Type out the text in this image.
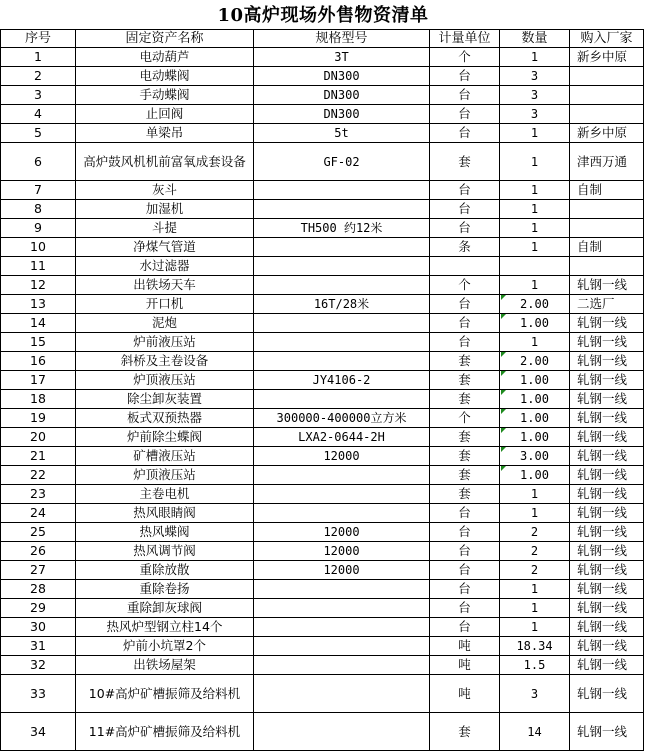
10高炉现场外售物资清单
序号	固定资产名称	规格型号	计量单位	数量	购入厂家
1	电动葫芦	3T	个	1	新乡中原
2	电动蝶阀	DN300	台	3	
3	手动蝶阀	DN300	台	3	
4	止回阀	DN300	台	3	
5	单梁吊	5t	台	1	新乡中原
6	高炉鼓风机机前富氧成套设备	GF-02	套	1	津西万通
7	灰斗		台	1	自制
8	加湿机		台	1	
9	斗提	TH500 约12米	台	1	
10	净煤气管道		条	1	自制
11	水过滤器				
12	出铁场天车		个	1	轧钢一线
13	开口机	16T/28米	台	2.00	二选厂
14	泥炮		台	1.00	轧钢一线
15	炉前液压站		台	1	轧钢一线
16	斜桥及主卷设备		套	2.00	轧钢一线
17	炉顶液压站	JY4106-2	套	1.00	轧钢一线
18	除尘卸灰装置		套	1.00	轧钢一线
19	板式双预热器	300000-400000立方米	个	1.00	轧钢一线
20	炉前除尘蝶阀	LXA2-0644-2H	套	1.00	轧钢一线
21	矿槽液压站	12000	套	3.00	轧钢一线
22	炉顶液压站		套	1.00	轧钢一线
23	主卷电机		套	1	轧钢一线
24	热风眼睛阀		台	1	轧钢一线
25	热风蝶阀	12000	台	2	轧钢一线
26	热风调节阀	12000	台	2	轧钢一线
27	重除放散	12000	台	2	轧钢一线
28	重除卷扬		台	1	轧钢一线
29	重除卸灰球阀		台	1	轧钢一线
30	热风炉型钢立柱14个		台	1	轧钢一线
31	炉前小坑罩2个		吨	18.34	轧钢一线
32	出铁场屋架		吨	1.5	轧钢一线
33	10#高炉矿槽振筛及给料机		吨	3	轧钢一线
34	11#高炉矿槽振筛及给料机		套	14	轧钢一线
